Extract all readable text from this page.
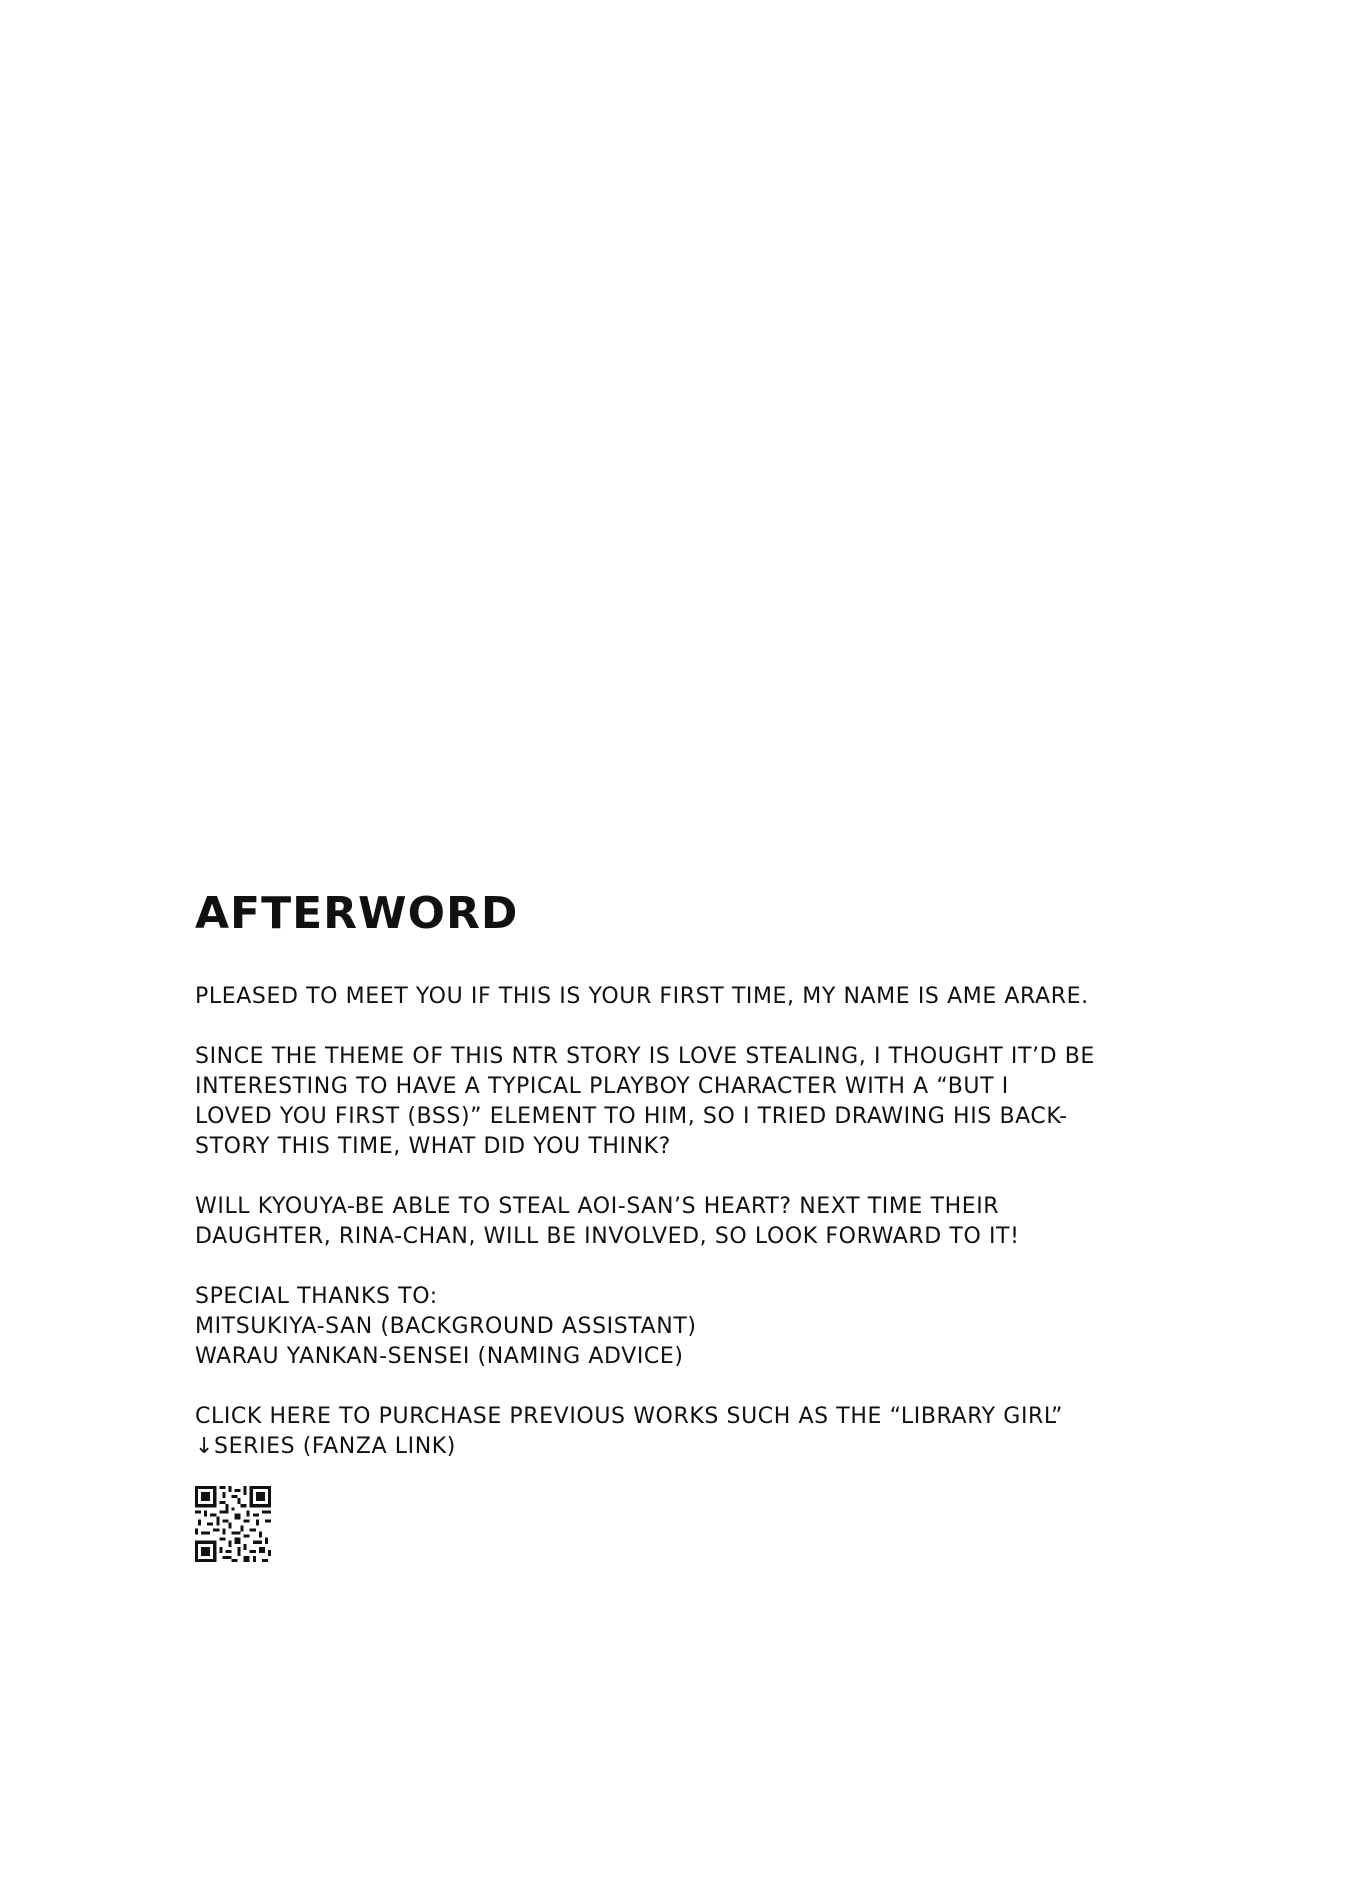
AFTERWORD
PLEASED TO MEET YOU IF THIS IS YOUR FIRST TIME, MY NAME IS AME ARARE.
SINCE THE THEME OF THIS NTR STORY IS LOVE STEALING, I THOUGHT IT’D BE
INTERESTING TO HAVE A TYPICAL PLAYBOY CHARACTER WITH A “BUT I
LOVED YOU FIRST (BSS)” ELEMENT TO HIM, SO I TRIED DRAWING HIS BACK-
STORY THIS TIME, WHAT DID YOU THINK?
WILL KYOUYA-BE ABLE TO STEAL AOI-SAN’S HEART? NEXT TIME THEIR
DAUGHTER, RINA-CHAN, WILL BE INVOLVED, SO LOOK FORWARD TO IT!
SPECIAL THANKS TO:
MITSUKIYA-SAN (BACKGROUND ASSISTANT)
WARAU YANKAN-SENSEI (NAMING ADVICE)
CLICK HERE TO PURCHASE PREVIOUS WORKS SUCH AS THE “LIBRARY GIRL”
↓SERIES (FANZA LINK)
